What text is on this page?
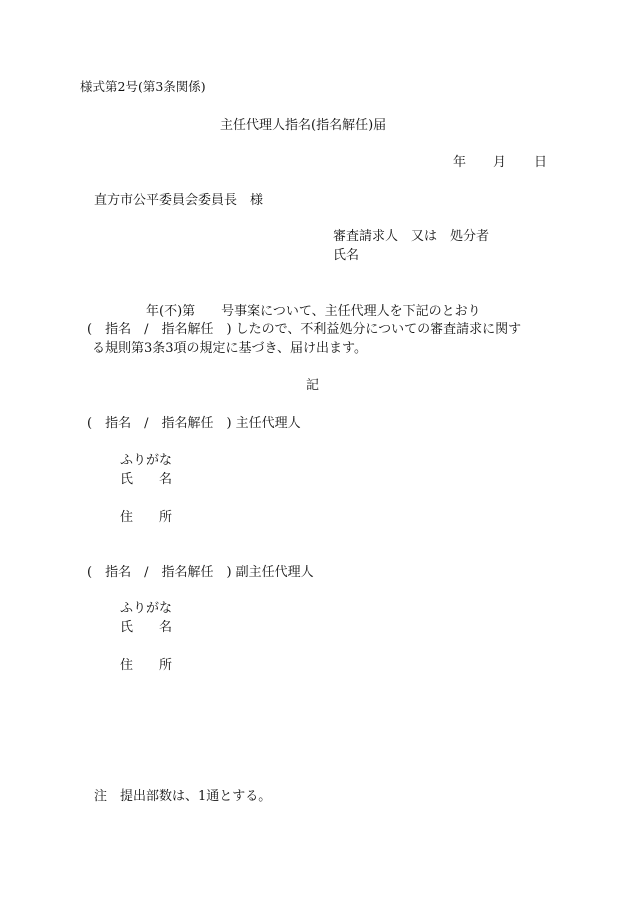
様式第2号(第3条関係)
主任代理人指名(指名解任)届
年 月 日
直方市公平委員会委員長　様
審査請求人　又は　処分者
氏名
年(不)第　　号事案について、主任代理人を下記のとおり
(　指名　/　指名解任　) したので、不利益処分についての審査請求に関す
る規則第3条3項の規定に基づき、届け出ます。
記
(　指名　/　指名解任　) 主任代理人
ふりがな
氏　　名
住　　所
(　指名　/　指名解任　) 副主任代理人
ふりがな
氏　　名
住　　所
注　提出部数は、1通とする。
